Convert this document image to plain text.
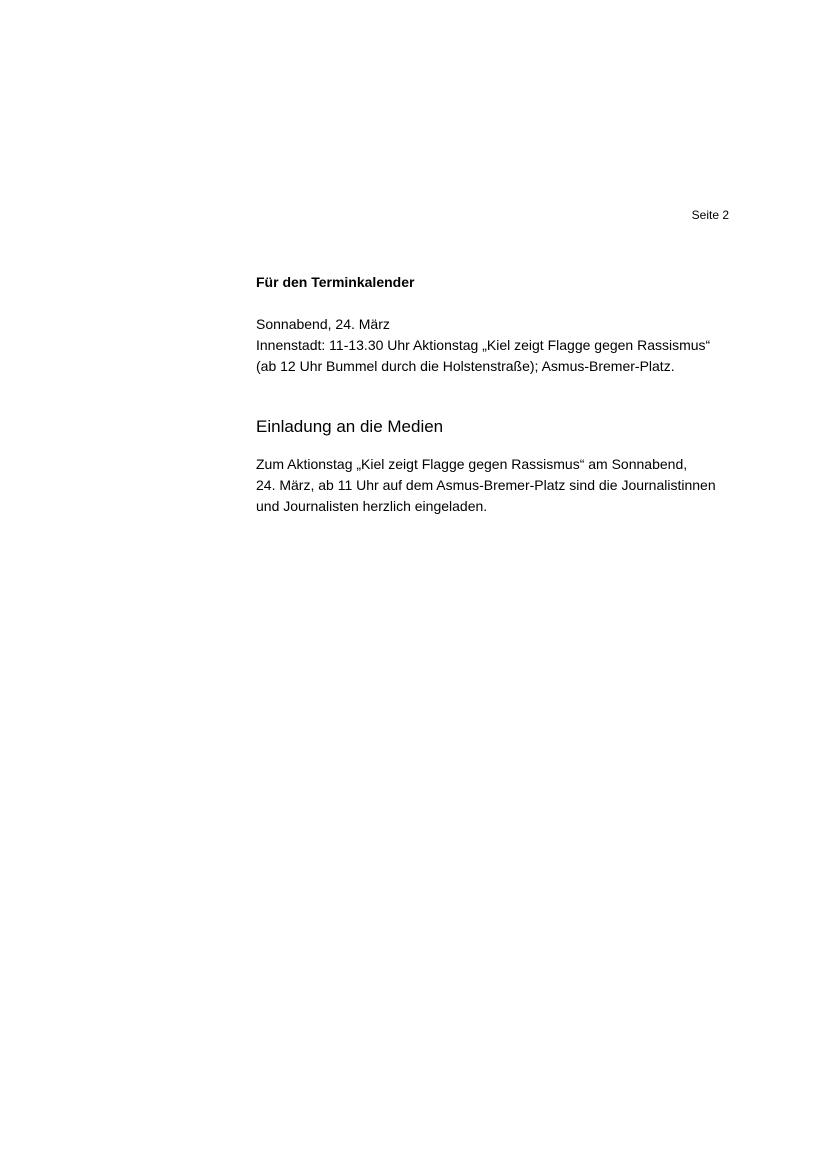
Seite 2

Für den Terminkalender

Sonnabend, 24. März
Innenstadt: 11-13.30 Uhr Aktionstag „Kiel zeigt Flagge gegen Rassismus“
(ab 12 Uhr Bummel durch die Holstenstraße); Asmus-Bremer-Platz.
Einladung an die Medien
Zum Aktionstag „Kiel zeigt Flagge gegen Rassismus“ am Sonnabend,
24. März, ab 11 Uhr auf dem Asmus-Bremer-Platz sind die Journalistinnen
und Journalisten herzlich eingeladen.
